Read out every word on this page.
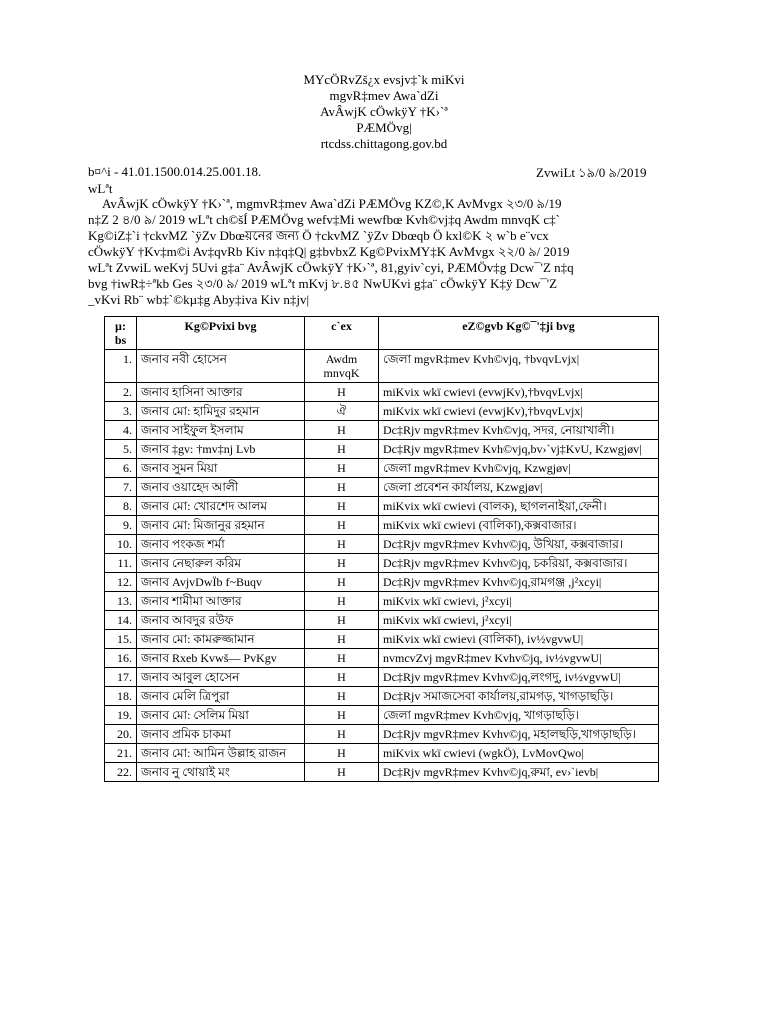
MYcÖRvZš¿x evsjv‡`k miKvi
mgvR‡mev Awa`dZi
AvÂwjK cÖwkÿY †K›`ª
PÆMÖvg|
rtcdss.chittagong.gov.bd
b¤^i - 41.01.1500.014.25.001.18.	ZvwiLt ১৯/0 ৯/2019
wLªt
AvÂwjK cÖwkÿY †K›`ª, mgmvR‡mev Awa`dZi PÆMÖvg KZ©,K AvMvgx ২৩/0 ৯/19
n‡Z 2 ৪/0 ৯/ 2019 wLªt ch©šÍ PÆMÖvg wefv‡Mi wewfbœ Kvh©vj‡q Awdm mnvqK c‡`
Kg©iZ‡`i †ckvMZ `ÿZv Dbœয়নের জন্য Ö †ckvMZ `ÿZv Dbœqb Ö kxl©K ২ w`b e¨vcx
cÖwkÿY †Kv‡m©i Av‡qvRb Kiv n‡q‡Q| g‡bvbxZ Kg©PvixMY‡K AvMvgx ২২/0 ৯/ 2019
wLªt ZvwiL weKvj 5Uvi g‡a¨ AvÂwjK cÖwkÿY †K›`ª, 81,gyiv`cyi, PÆMÖv‡g Dcw¯'Z n‡q
bvg †iwR‡÷ªkb Ges ২৩/0 ৯/ 2019 wLªt mKvj ৮.৪৫ NwUKvi g‡a¨ cÖwkÿY K‡ÿ Dcw¯'Z
_vKvi Rb¨ wb‡`©kµ‡g Aby‡iva Kiv n‡jv|
µ: bs	Kg©Pvixi bvg	c`ex	eZ©gvb Kg©¯'‡ji bvg
1.	জনাব নবী হোসেন	Awdm mnvqK	জেলা mgvR‡mev Kvh©vjq, †bvqvLvjx|
2.	জনাব হাসিনা আক্তার	H	miKvix wkï cwievi (evwjKv),†bvqvLvjx|
3.	জনাব মো: হামিদুর রহমান	ঐ	miKvix wkï cwievi (evwjKv),†bvqvLvjx|
4.	জনাব সাইফুল ইসলাম	H	Dc‡Rjv mgvR‡mev Kvh©vjq, সদর, নোয়াখালী।
5.	জনাব ‡gv: †mv‡nj Lvb	H	Dc‡Rjv mgvR‡mev Kvh©vjq,bv›`vj‡KvU, Kzwgjøv|
6.	জনাব সুমন মিয়া	H	জেলা mgvR‡mev Kvh©vjq, Kzwgjøv|
7.	জনাব ওয়াহেদ আলী	H	জেলা প্রবেশন কার্যালয়, Kzwgjøv|
8.	জনাব মো: খোরশেদ আলম	H	miKvix wkï cwievi (বালক), ছাগলনাইয়া,ফেনী।
9.	জনাব মো: মিজানুর রহমান	H	miKvix wkï cwievi (বালিকা),কক্সবাজার।
10.	জনাব পংকজ শর্মা	H	Dc‡Rjv mgvR‡mev Kvhv©jq, উখিয়া, কক্সবাজার।
11.	জনাব নেছারুল করিম	H	Dc‡Rjv mgvR‡mev Kvhv©jq, চকরিয়া, কক্সবাজার।
12.	জনাব AvjvDwÏb f~Buqv	H	Dc‡Rjv mgvR‡mev Kvhv©jq,রামগঞ্জ ,j²xcyi|
13.	জনাব শামীমা আক্তার	H	miKvix wkï cwievi, j²xcyi|
14.	জনাব আবদুর রউফ	H	miKvix wkï cwievi, j²xcyi|
15.	জনাব মো: কামরুজ্জামান	H	miKvix wkï cwievi (বালিকা), iv½vgvwU|
16.	জনাব Rxeb Kvwš— PvKgv	H	nvmcvZvj mgvR‡mev Kvhv©jq, iv½vgvwU|
17.	জনাব আবুল হোসেন	H	Dc‡Rjv mgvR‡mev Kvhv©jq,লংগদু, iv½vgvwU|
18.	জনাব মেলি ত্রিপুরা	H	Dc‡Rjv সমাজসেবা কার্যালয়,রামগড়, খাগড়াছড়ি।
19.	জনাব মো: সেলিম মিয়া	H	জেলা mgvR‡mev Kvh©vjq, খাগড়াছড়ি।
20.	জনাব প্রমিক চাকমা	H	Dc‡Rjv mgvR‡mev Kvhv©jq, মহালছড়ি,খাগড়াছড়ি।
21.	জনাব মো: আমিন উল্লাহ রাজন	H	miKvix wkï cwievi (wgkÖ), LvMovQwo|
22.	জনাব নু থোয়াই মং	H	Dc‡Rjv mgvR‡mev Kvhv©jq,রুমা, ev›`ievb|
